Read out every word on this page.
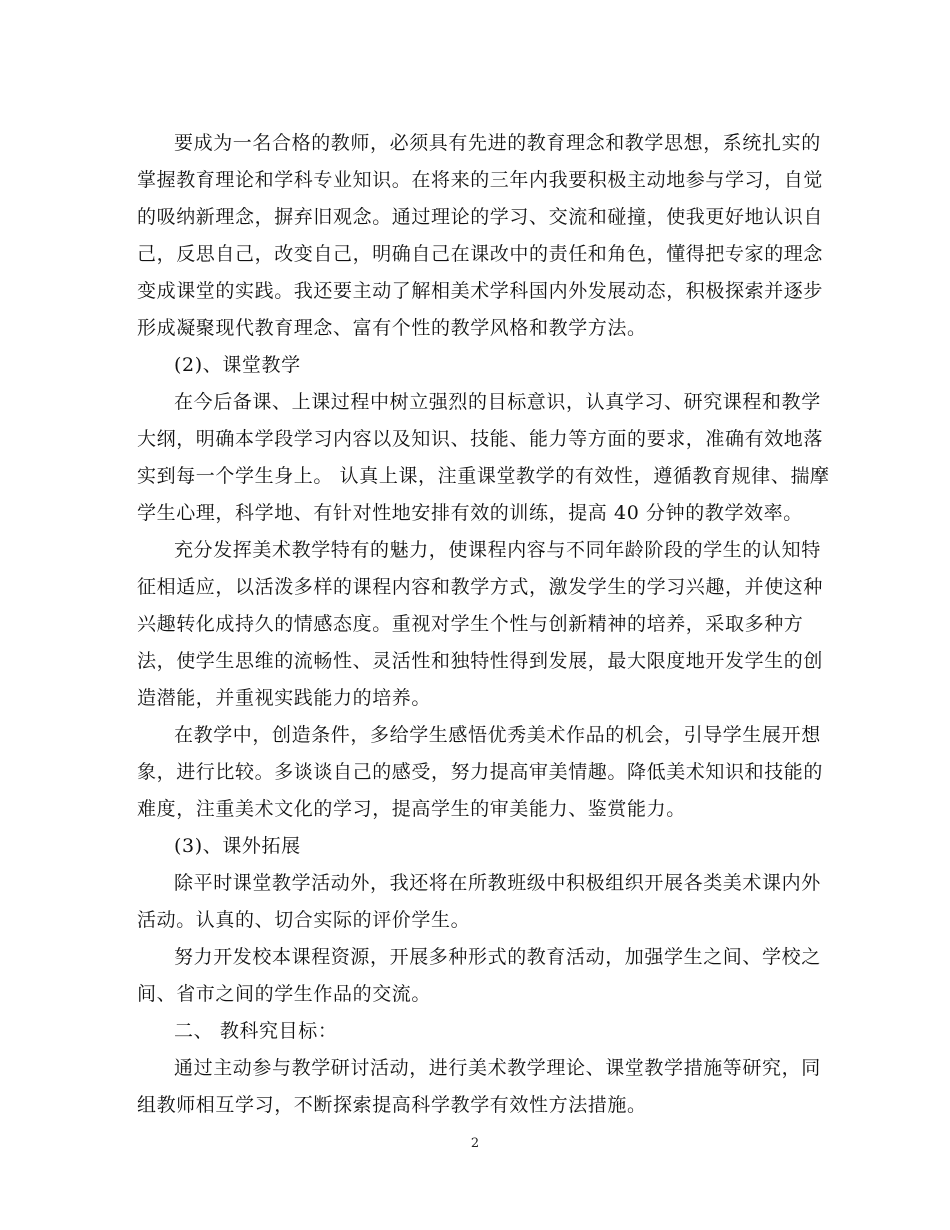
要成为一名合格的教师，必须具有先进的教育理念和教学思想，系统扎实的
掌握教育理论和学科专业知识。在将来的三年内我要积极主动地参与学习，自觉
的吸纳新理念，摒弃旧观念。通过理论的学习、交流和碰撞，使我更好地认识自
己，反思自己，改变自己，明确自己在课改中的责任和角色，懂得把专家的理念
变成课堂的实践。我还要主动了解相美术学科国内外发展动态，积极探索并逐步
形成凝聚现代教育理念、富有个性的教学风格和教学方法。
(2)、课堂教学
在今后备课、上课过程中树立强烈的目标意识，认真学习、研究课程和教学
大纲，明确本学段学习内容以及知识、技能、能力等方面的要求，准确有效地落
实到每一个学生身上。 认真上课，注重课堂教学的有效性，遵循教育规律、揣摩
学生心理，科学地、有针对性地安排有效的训练，提高 40 分钟的教学效率。
充分发挥美术教学特有的魅力，使课程内容与不同年龄阶段的学生的认知特
征相适应，以活泼多样的课程内容和教学方式，激发学生的学习兴趣，并使这种
兴趣转化成持久的情感态度。重视对学生个性与创新精神的培养，采取多种方
法，使学生思维的流畅性、灵活性和独特性得到发展，最大限度地开发学生的创
造潜能，并重视实践能力的培养。
在教学中，创造条件，多给学生感悟优秀美术作品的机会，引导学生展开想
象，进行比较。多谈谈自己的感受，努力提高审美情趣。降低美术知识和技能的
难度，注重美术文化的学习，提高学生的审美能力、鉴赏能力。
(3)、课外拓展
除平时课堂教学活动外，我还将在所教班级中积极组织开展各类美术课内外
活动。认真的、切合实际的评价学生。
努力开发校本课程资源，开展多种形式的教育活动，加强学生之间、学校之
间、省市之间的学生作品的交流。
二、 教科究目标：
通过主动参与教学研讨活动，进行美术教学理论、课堂教学措施等研究，同
组教师相互学习，不断探索提高科学教学有效性方法措施。
2
